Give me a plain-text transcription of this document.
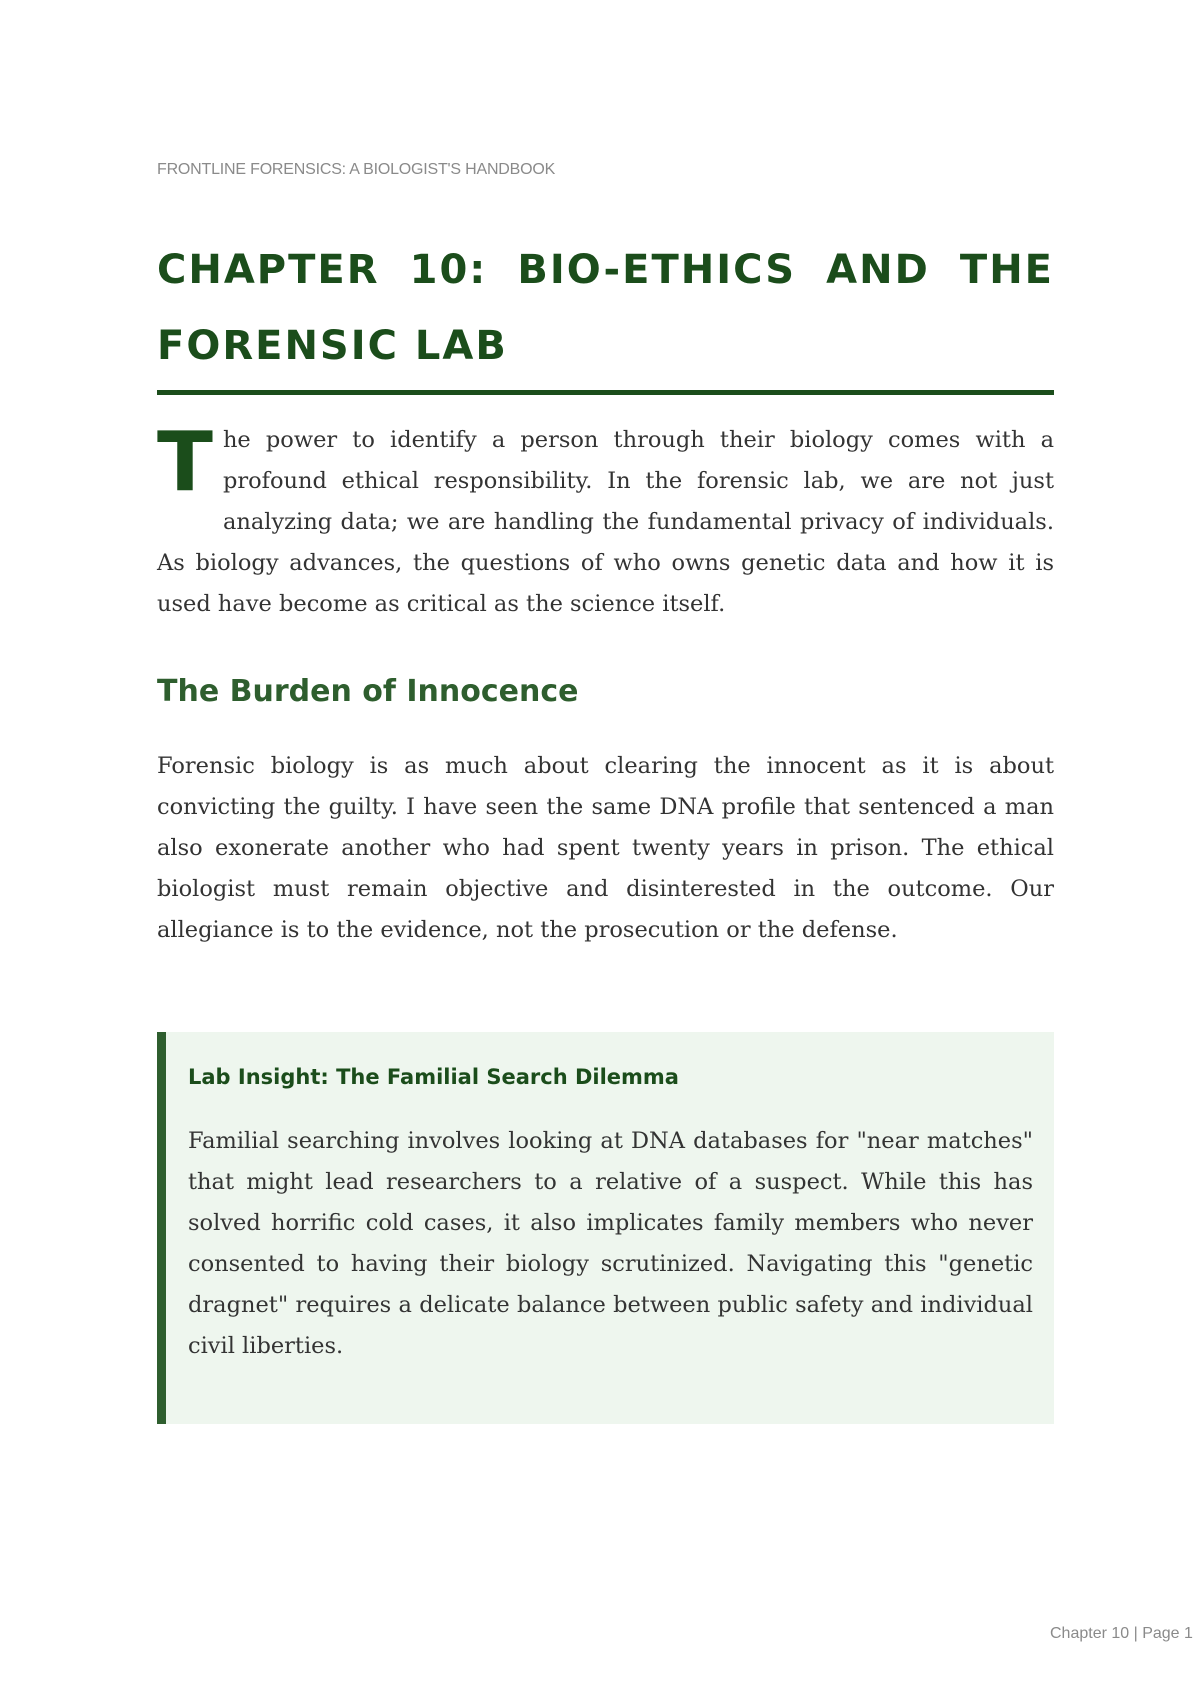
FRONTLINE FORENSICS: A BIOLOGIST'S HANDBOOK
CHAPTER 10: BIO-ETHICS AND THE FORENSIC LAB
T he power to identify a person through their biology comes with a profound ethical responsibility. In the forensic lab, we are not just analyzing data; we are handling the fundamental privacy of individuals. As biology advances, the questions of who owns genetic data and how it is used have become as critical as the science itself.

The Burden of Innocence

Forensic biology is as much about clearing the innocent as it is about convicting the guilty. I have seen the same DNA profile that sentenced a man also exonerate another who had spent twenty years in prison. The ethical biologist must remain objective and disinterested in the outcome. Our allegiance is to the evidence, not the prosecution or the defense.

Lab Insight: The Familial Search Dilemma

Familial searching involves looking at DNA databases for "near matches" that might lead researchers to a relative of a suspect. While this has solved horrific cold cases, it also implicates family members who never consented to having their biology scrutinized. Navigating this "genetic dragnet" requires a delicate balance between public safety and individual civil liberties.

Chapter 10 | Page 1
